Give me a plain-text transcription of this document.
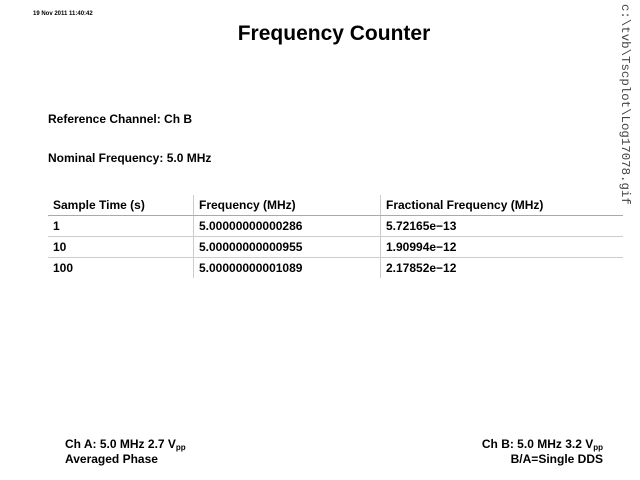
19 Nov 2011 11:40:42
Frequency Counter	c:\tvb\Tscplot\Log17078.gif
Reference Channel: Ch B
Nominal Frequency: 5.0 MHz
Sample Time (s)	Frequency (MHz)	Fractional Frequency (MHz)
1	5.00000000000286	5.72165e−13
10	5.00000000000955	1.90994e−12
100	5.00000000001089	2.17852e−12
Ch A: 5.0 MHz 2.7 $V_{pp}$
Averaged Phase
Ch B: 5.0 MHz 3.2 $V_{pp}$
B/A=Single DDS
